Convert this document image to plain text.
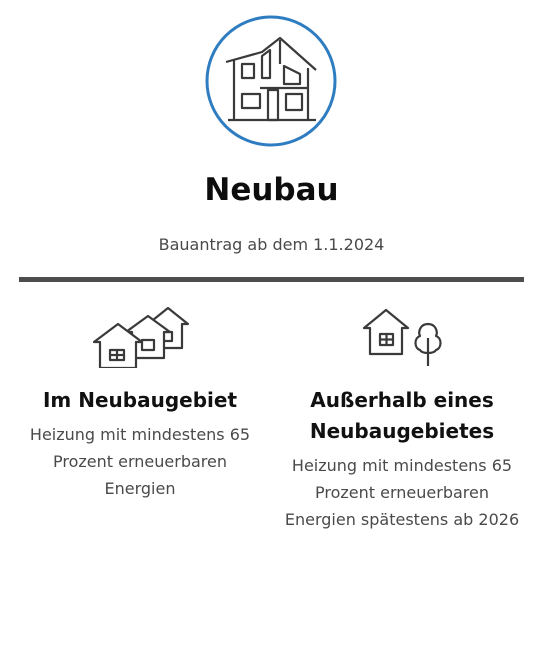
Neubau
Bauantrag ab dem 1.1.2024
Im Neubaugebiet
Heizung mit mindestens 65
Prozent erneuerbaren
Energien
Außerhalb eines
Neubaugebietes
Heizung mit mindestens 65
Prozent erneuerbaren
Energien spätestens ab 2026
